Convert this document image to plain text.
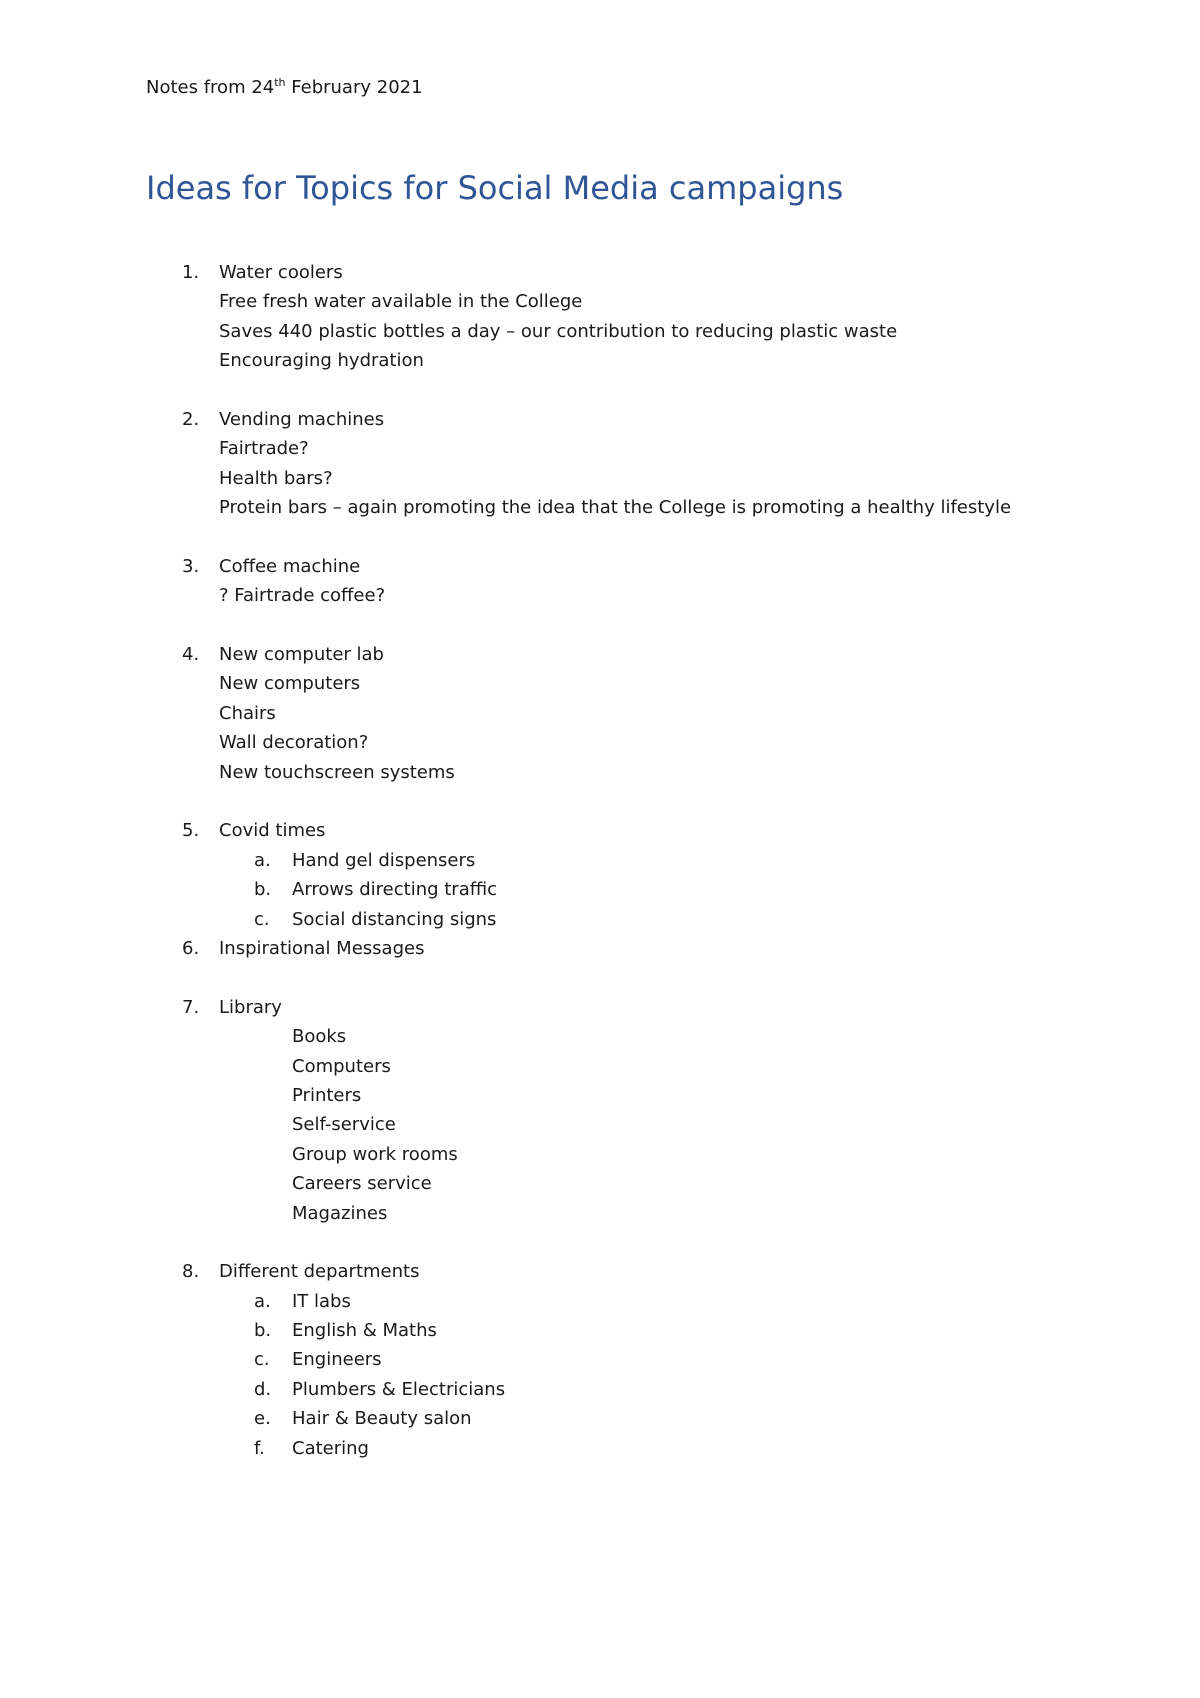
Notes from 24th February 2021
Ideas for Topics for Social Media campaigns
1.	Water coolers
Free fresh water available in the College
Saves 440 plastic bottles a day – our contribution to reducing plastic waste
Encouraging hydration
2.	Vending machines
Fairtrade?
Health bars?
Protein bars – again promoting the idea that the College is promoting a healthy lifestyle
3.	Coffee machine
? Fairtrade coffee?
4.	New computer lab
New computers
Chairs
Wall decoration?
New touchscreen systems
5.	Covid times
a.	Hand gel dispensers
b.	Arrows directing traffic
c.	Social distancing signs
6.	Inspirational Messages
7.	Library
Books
Computers
Printers
Self-service
Group work rooms
Careers service
Magazines
8.	Different departments
a.	IT labs
b.	English & Maths
c.	Engineers
d.	Plumbers & Electricians
e.	Hair & Beauty salon
f.	Catering
